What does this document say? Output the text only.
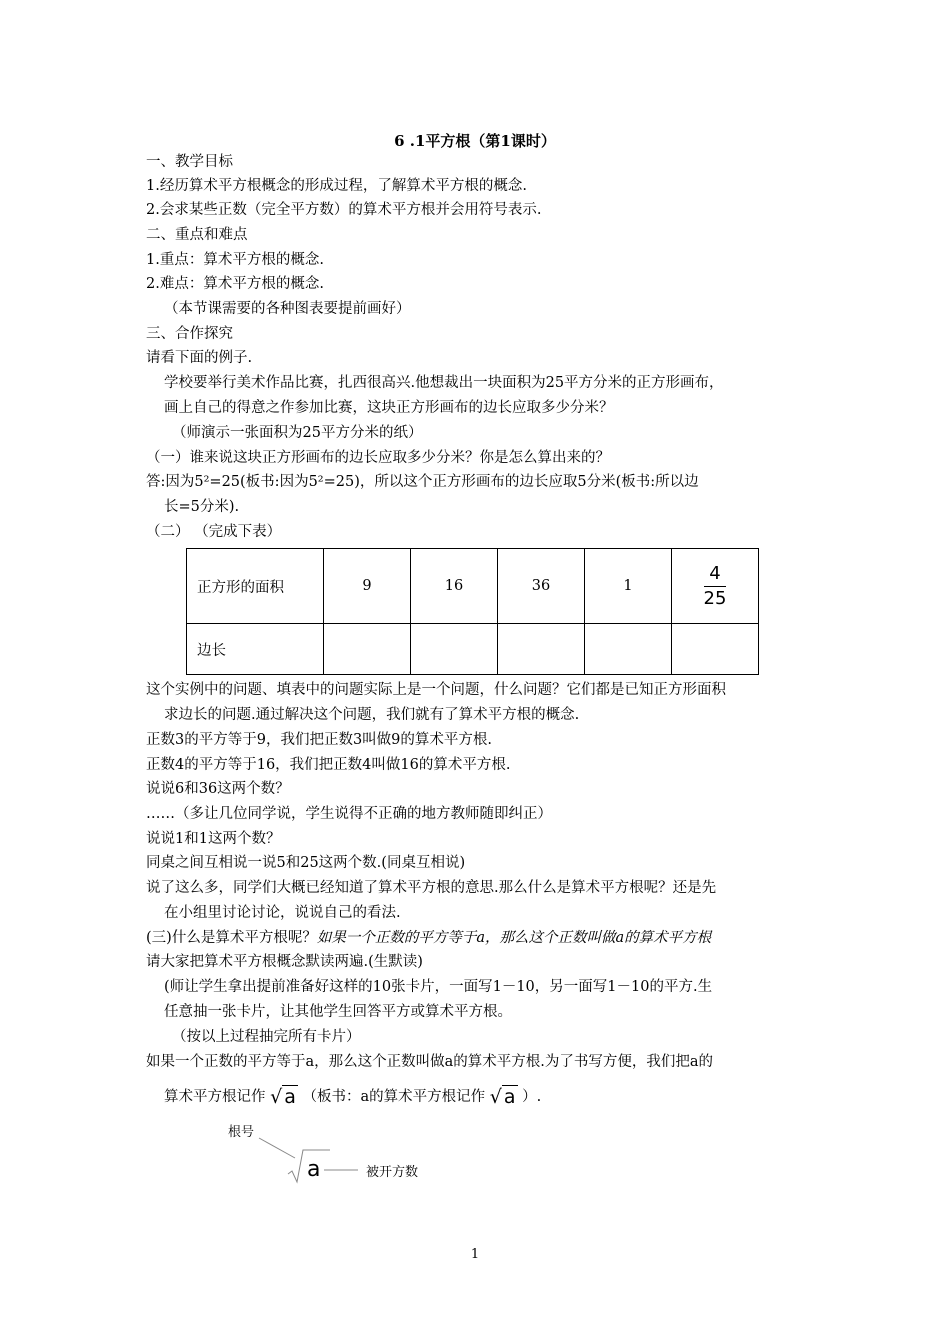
6 .1平方根（第1课时）
一、教学目标
1.经历算术平方根概念的形成过程，了解算术平方根的概念.
2.会求某些正数（完全平方数）的算术平方根并会用符号表示.
二、重点和难点
1.重点：算术平方根的概念.
2.难点：算术平方根的概念.
（本节课需要的各种图表要提前画好）
三、合作探究
请看下面的例子.
学校要举行美术作品比赛，扎西很高兴.他想裁出一块面积为25平方分米的正方形画布，
画上自己的得意之作参加比赛，这块正方形画布的边长应取多少分米？
（师演示一张面积为25平方分米的纸）
（一）谁来说这块正方形画布的边长应取多少分米？你是怎么算出来的？
答:因为5²=25(板书:因为5²=25)，所以这个正方形画布的边长应取5分米(板书:所以边
长=5分米).
（二） （完成下表）
正方形的面积	9	16	36	1	$\frac{4}{25}$
边长					
这个实例中的问题、填表中的问题实际上是一个问题，什么问题？它们都是已知正方形面积
求边长的问题.通过解决这个问题，我们就有了算术平方根的概念.
正数3的平方等于9，我们把正数3叫做9的算术平方根.
正数4的平方等于16，我们把正数4叫做16的算术平方根.
说说6和36这两个数？
……（多让几位同学说，学生说得不正确的地方教师随即纠正）
说说1和1这两个数？
同桌之间互相说一说5和25这两个数.(同桌互相说)
说了这么多，同学们大概已经知道了算术平方根的意思.那么什么是算术平方根呢？还是先
在小组里讨论讨论，说说自己的看法.
(三)什么是算术平方根呢？如果一个正数的平方等于a，那么这个正数叫做a的算术平方根
请大家把算术平方根概念默读两遍.(生默读)
(师让学生拿出提前准备好这样的10张卡片，一面写1－10，另一面写1－10的平方.生
任意抽一张卡片，让其他学生回答平方或算术平方根。
（按以上过程抽完所有卡片）
如果一个正数的平方等于a，那么这个正数叫做a的算术平方根.为了书写方便，我们把a的
算术平方根记作 √ a （板书：a的算术平方根记作 √ a ）.
根号
a	被开方数
1
